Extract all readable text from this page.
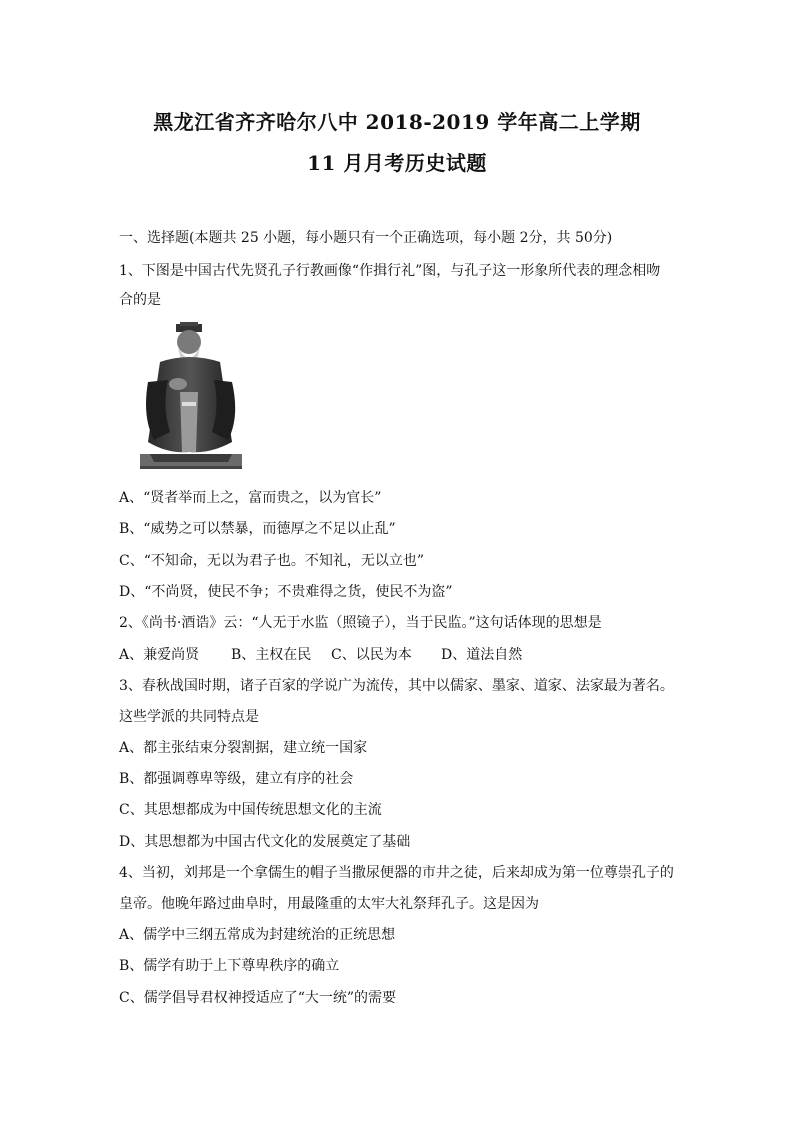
黑龙江省齐齐哈尔八中 2018-2019 学年高二上学期
11 月月考历史试题
一、选择题(本题共 25 小题，每小题只有一个正确选项，每小题 2分，共 50分)
1、下图是中国古代先贤孔子行教画像“作揖行礼”图，与孔子这一形象所代表的理念相吻
合的是
A、“贤者举而上之，富而贵之，以为官长”
B、“威势之可以禁暴，而德厚之不足以止乱”
C、“不知命，无以为君子也。不知礼，无以立也”
D、“不尚贤，使民不争；不贵难得之货，使民不为盗”
2、《尚书·酒诰》云：“人无于水监（照镜子），当于民监。”这句话体现的思想是
A、兼爱尚贤 B、主权在民 C、以民为本 D、道法自然
3、春秋战国时期，诸子百家的学说广为流传，其中以儒家、墨家、道家、法家最为著名。
这些学派的共同特点是
A、都主张结束分裂割据，建立统一国家
B、都强调尊卑等级，建立有序的社会
C、其思想都成为中国传统思想文化的主流
D、其思想都为中国古代文化的发展奠定了基础
4、当初，刘邦是一个拿儒生的帽子当撒尿便器的市井之徒，后来却成为第一位尊崇孔子的
皇帝。他晚年路过曲阜时，用最隆重的太牢大礼祭拜孔子。这是因为
A、儒学中三纲五常成为封建统治的正统思想
B、儒学有助于上下尊卑秩序的确立
C、儒学倡导君权神授适应了“大一统”的需要
